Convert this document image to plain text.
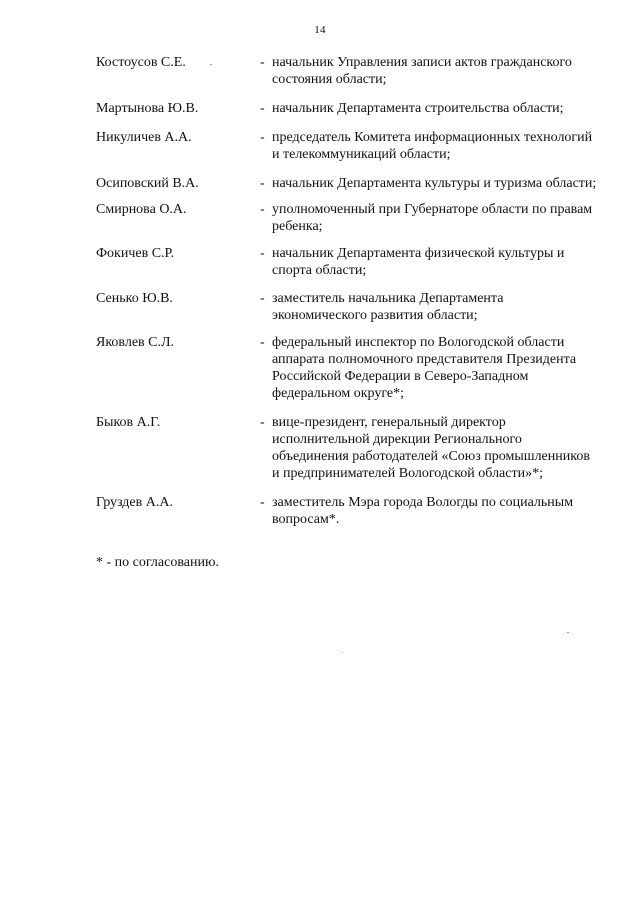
14
Костоусов С.Е.	- начальник Управления записи актов гражданского
состояния области;
Мартынова Ю.В.	- начальник Департамента строительства области;
Никуличев А.А.	- председатель Комитета информационных технологий
и телекоммуникаций области;
Осиповский В.А.	- начальник Департамента культуры и туризма области;
Смирнова О.А.	- уполномоченный при Губернаторе области по правам
ребенка;
Фокичев С.Р.	- начальник Департамента физической культуры и
спорта области;
Сенько Ю.В.	- заместитель начальника Департамента
экономического развития области;
Яковлев С.Л.	- федеральный инспектор по Вологодской области
аппарата полномочного представителя Президента
Российской Федерации в Северо-Западном
федеральном округе*;
Быков А.Г.	- вице-президент, генеральный директор
исполнительной дирекции Регионального
объединения работодателей «Союз промышленников
и предпринимателей Вологодской области»*;
Груздев А.А.	- заместитель Мэра города Вологды по социальным
вопросам*.
* - по согласованию.
